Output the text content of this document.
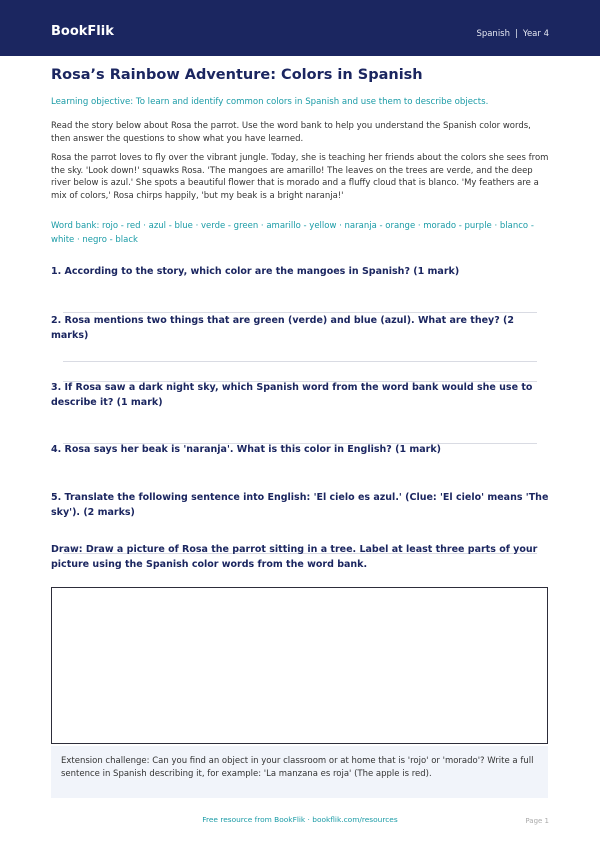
BookFlik	Spanish | Year 4
Rosa’s Rainbow Adventure: Colors in Spanish
Learning objective: To learn and identify common colors in Spanish and use them to describe objects.
Read the story below about Rosa the parrot. Use the word bank to help you understand the Spanish color words, then answer the questions to show what you have learned.
Rosa the parrot loves to fly over the vibrant jungle. Today, she is teaching her friends about the colors she sees from the sky. 'Look down!' squawks Rosa. 'The mangoes are amarillo! The leaves on the trees are verde, and the deep river below is azul.' She spots a beautiful flower that is morado and a fluffy cloud that is blanco. 'My feathers are a mix of colors,' Rosa chirps happily, 'but my beak is a bright naranja!'
Word bank: rojo - red · azul - blue · verde - green · amarillo - yellow · naranja - orange · morado - purple · blanco - white · negro - black
1. According to the story, which color are the mangoes in Spanish? (1 mark)
2. Rosa mentions two things that are green (verde) and blue (azul). What are they? (2 marks)
3. If Rosa saw a dark night sky, which Spanish word from the word bank would she use to describe it? (1 mark)
4. Rosa says her beak is 'naranja'. What is this color in English? (1 mark)
5. Translate the following sentence into English: 'El cielo es azul.' (Clue: 'El cielo' means 'The sky'). (2 marks)
Draw: Draw a picture of Rosa the parrot sitting in a tree. Label at least three parts of your picture using the Spanish color words from the word bank.
Extension challenge: Can you find an object in your classroom or at home that is 'rojo' or 'morado'? Write a full sentence in Spanish describing it, for example: 'La manzana es roja' (The apple is red).
Free resource from BookFlik · bookflik.com/resources	Page 1
